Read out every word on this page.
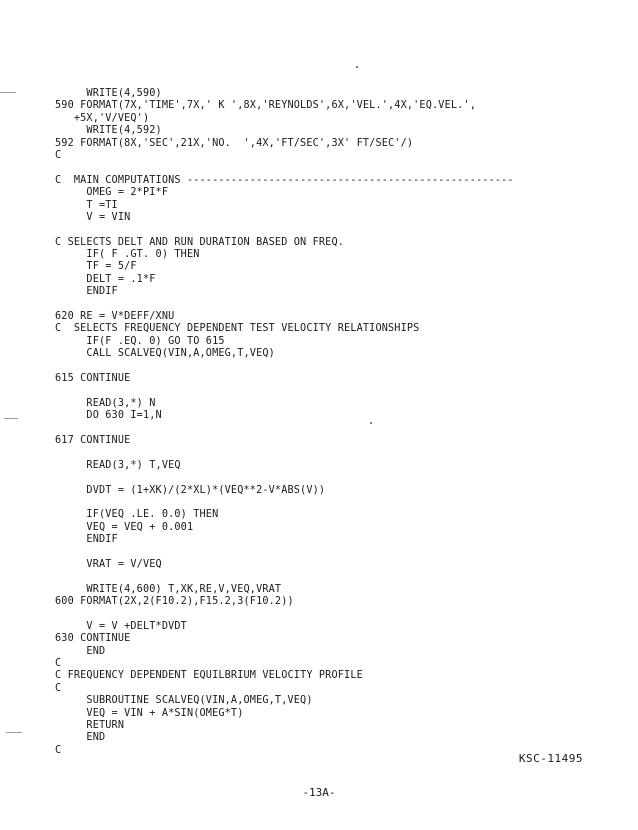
WRITE(4,590)
590 FORMAT(7X,'TIME',7X,' K ',8X,'REYNOLDS',6X,'VEL.',4X,'EQ.VEL.',
+5X,'V/VEQ')
WRITE(4,592)
592 FORMAT(8X,'SEC',21X,'NO.  ',4X,'FT/SEC',3X' FT/SEC'/)
C
C  MAIN COMPUTATIONS ----------------------------------------------------
OMEG = 2*PI*F
T =TI
V = VIN
C SELECTS DELT AND RUN DURATION BASED ON FREQ.
IF( F .GT. 0) THEN
TF = 5/F
DELT = .1*F
ENDIF
620 RE = V*DEFF/XNU
C  SELECTS FREQUENCY DEPENDENT TEST VELOCITY RELATIONSHIPS
IF(F .EQ. 0) GO TO 615
CALL SCALVEQ(VIN,A,OMEG,T,VEQ)
615 CONTINUE
READ(3,*) N
DO 630 I=1,N
617 CONTINUE
READ(3,*) T,VEQ
DVDT = (1+XK)/(2*XL)*(VEQ**2-V*ABS(V))
IF(VEQ .LE. 0.0) THEN
VEQ = VEQ + 0.001
ENDIF
VRAT = V/VEQ
WRITE(4,600) T,XK,RE,V,VEQ,VRAT
600 FORMAT(2X,2(F10.2),F15.2,3(F10.2))
V = V +DELT*DVDT
630 CONTINUE
END
C
C FREQUENCY DEPENDENT EQUILBRIUM VELOCITY PROFILE
C
SUBROUTINE SCALVEQ(VIN,A,OMEG,T,VEQ)
VEQ = VIN + A*SIN(OMEG*T)
RETURN
END
C
KSC-11495
-13A-
